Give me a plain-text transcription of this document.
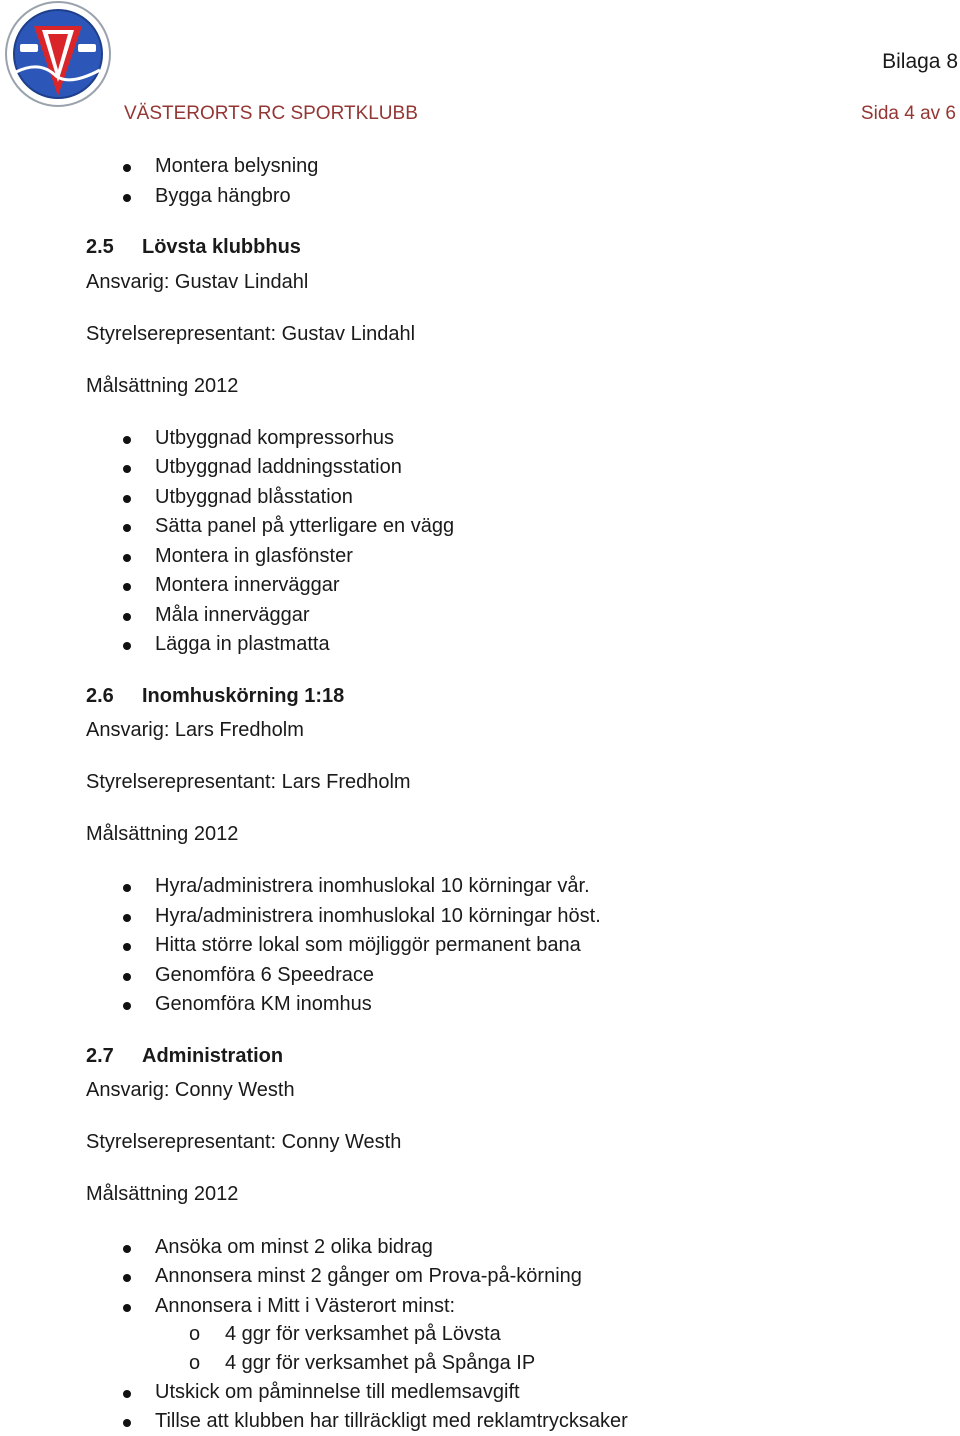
Bilaga 8
VÄSTERORTS RC SPORTKLUBB	Sida 4 av 6
Montera belysning
Bygga hängbro
2.5 Lövsta klubbhus
Ansvarig: Gustav Lindahl
Styrelserepresentant: Gustav Lindahl
Målsättning 2012
Utbyggnad kompressorhus
Utbyggnad laddningsstation
Utbyggnad blåsstation
Sätta panel på ytterligare en vägg
Montera in glasfönster
Montera innerväggar
Måla innerväggar
Lägga in plastmatta
2.6 Inomhuskörning 1:18
Ansvarig: Lars Fredholm
Styrelserepresentant: Lars Fredholm
Målsättning 2012
Hyra/administrera inomhuslokal 10 körningar vår.
Hyra/administrera inomhuslokal 10 körningar höst.
Hitta större lokal som möjliggör permanent bana
Genomföra 6 Speedrace
Genomföra KM inomhus
2.7 Administration
Ansvarig: Conny Westh
Styrelserepresentant: Conny Westh
Målsättning 2012
Ansöka om minst 2 olika bidrag
Annonsera minst 2 gånger om Prova-på-körning
Annonsera i Mitt i Västerort minst:
o 4 ggr för verksamhet på Lövsta
o 4 ggr för verksamhet på Spånga IP
Utskick om påminnelse till medlemsavgift
Tillse att klubben har tillräckligt med reklamtrycksaker
